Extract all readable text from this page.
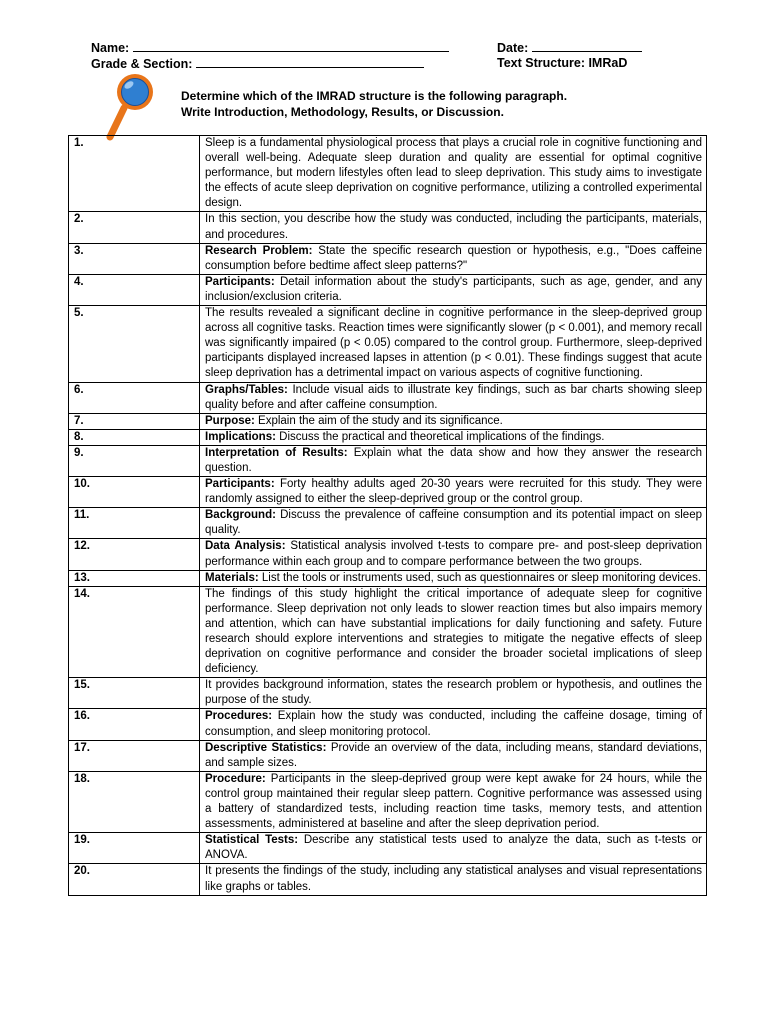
Name:	Date:
Grade & Section:	Text Structure: IMRaD
Determine which of the IMRAD structure is the following paragraph.
Write Introduction, Methodology, Results, or Discussion.
1.	Sleep is a fundamental physiological process that plays a crucial role in cognitive functioning and overall well-being. Adequate sleep duration and quality are essential for optimal cognitive performance, but modern lifestyles often lead to sleep deprivation. This study aims to investigate the effects of acute sleep deprivation on cognitive performance, utilizing a controlled experimental design.
2.	In this section, you describe how the study was conducted, including the participants, materials, and procedures.
3.	Research Problem: State the specific research question or hypothesis, e.g., "Does caffeine consumption before bedtime affect sleep patterns?"
4.	Participants: Detail information about the study's participants, such as age, gender, and any inclusion/exclusion criteria.
5.	The results revealed a significant decline in cognitive performance in the sleep-deprived group across all cognitive tasks. Reaction times were significantly slower (p < 0.001), and memory recall was significantly impaired (p < 0.05) compared to the control group. Furthermore, sleep-deprived participants displayed increased lapses in attention (p < 0.01). These findings suggest that acute sleep deprivation has a detrimental impact on various aspects of cognitive functioning.
6.	Graphs/Tables: Include visual aids to illustrate key findings, such as bar charts showing sleep quality before and after caffeine consumption.
7.	Purpose: Explain the aim of the study and its significance.
8.	Implications: Discuss the practical and theoretical implications of the findings.
9.	Interpretation of Results: Explain what the data show and how they answer the research question.
10.	Participants: Forty healthy adults aged 20-30 years were recruited for this study. They were randomly assigned to either the sleep-deprived group or the control group.
11.	Background: Discuss the prevalence of caffeine consumption and its potential impact on sleep quality.
12.	Data Analysis: Statistical analysis involved t-tests to compare pre- and post-sleep deprivation performance within each group and to compare performance between the two groups.
13.	Materials: List the tools or instruments used, such as questionnaires or sleep monitoring devices.
14.	The findings of this study highlight the critical importance of adequate sleep for cognitive performance. Sleep deprivation not only leads to slower reaction times but also impairs memory and attention, which can have substantial implications for daily functioning and safety. Future research should explore interventions and strategies to mitigate the negative effects of sleep deprivation on cognitive performance and consider the broader societal implications of sleep deficiency.
15.	It provides background information, states the research problem or hypothesis, and outlines the purpose of the study.
16.	Procedures: Explain how the study was conducted, including the caffeine dosage, timing of consumption, and sleep monitoring protocol.
17.	Descriptive Statistics: Provide an overview of the data, including means, standard deviations, and sample sizes.
18.	Procedure: Participants in the sleep-deprived group were kept awake for 24 hours, while the control group maintained their regular sleep pattern. Cognitive performance was assessed using a battery of standardized tests, including reaction time tasks, memory tests, and attention assessments, administered at baseline and after the sleep deprivation period.
19.	Statistical Tests: Describe any statistical tests used to analyze the data, such as t-tests or ANOVA.
20.	It presents the findings of the study, including any statistical analyses and visual representations like graphs or tables.
